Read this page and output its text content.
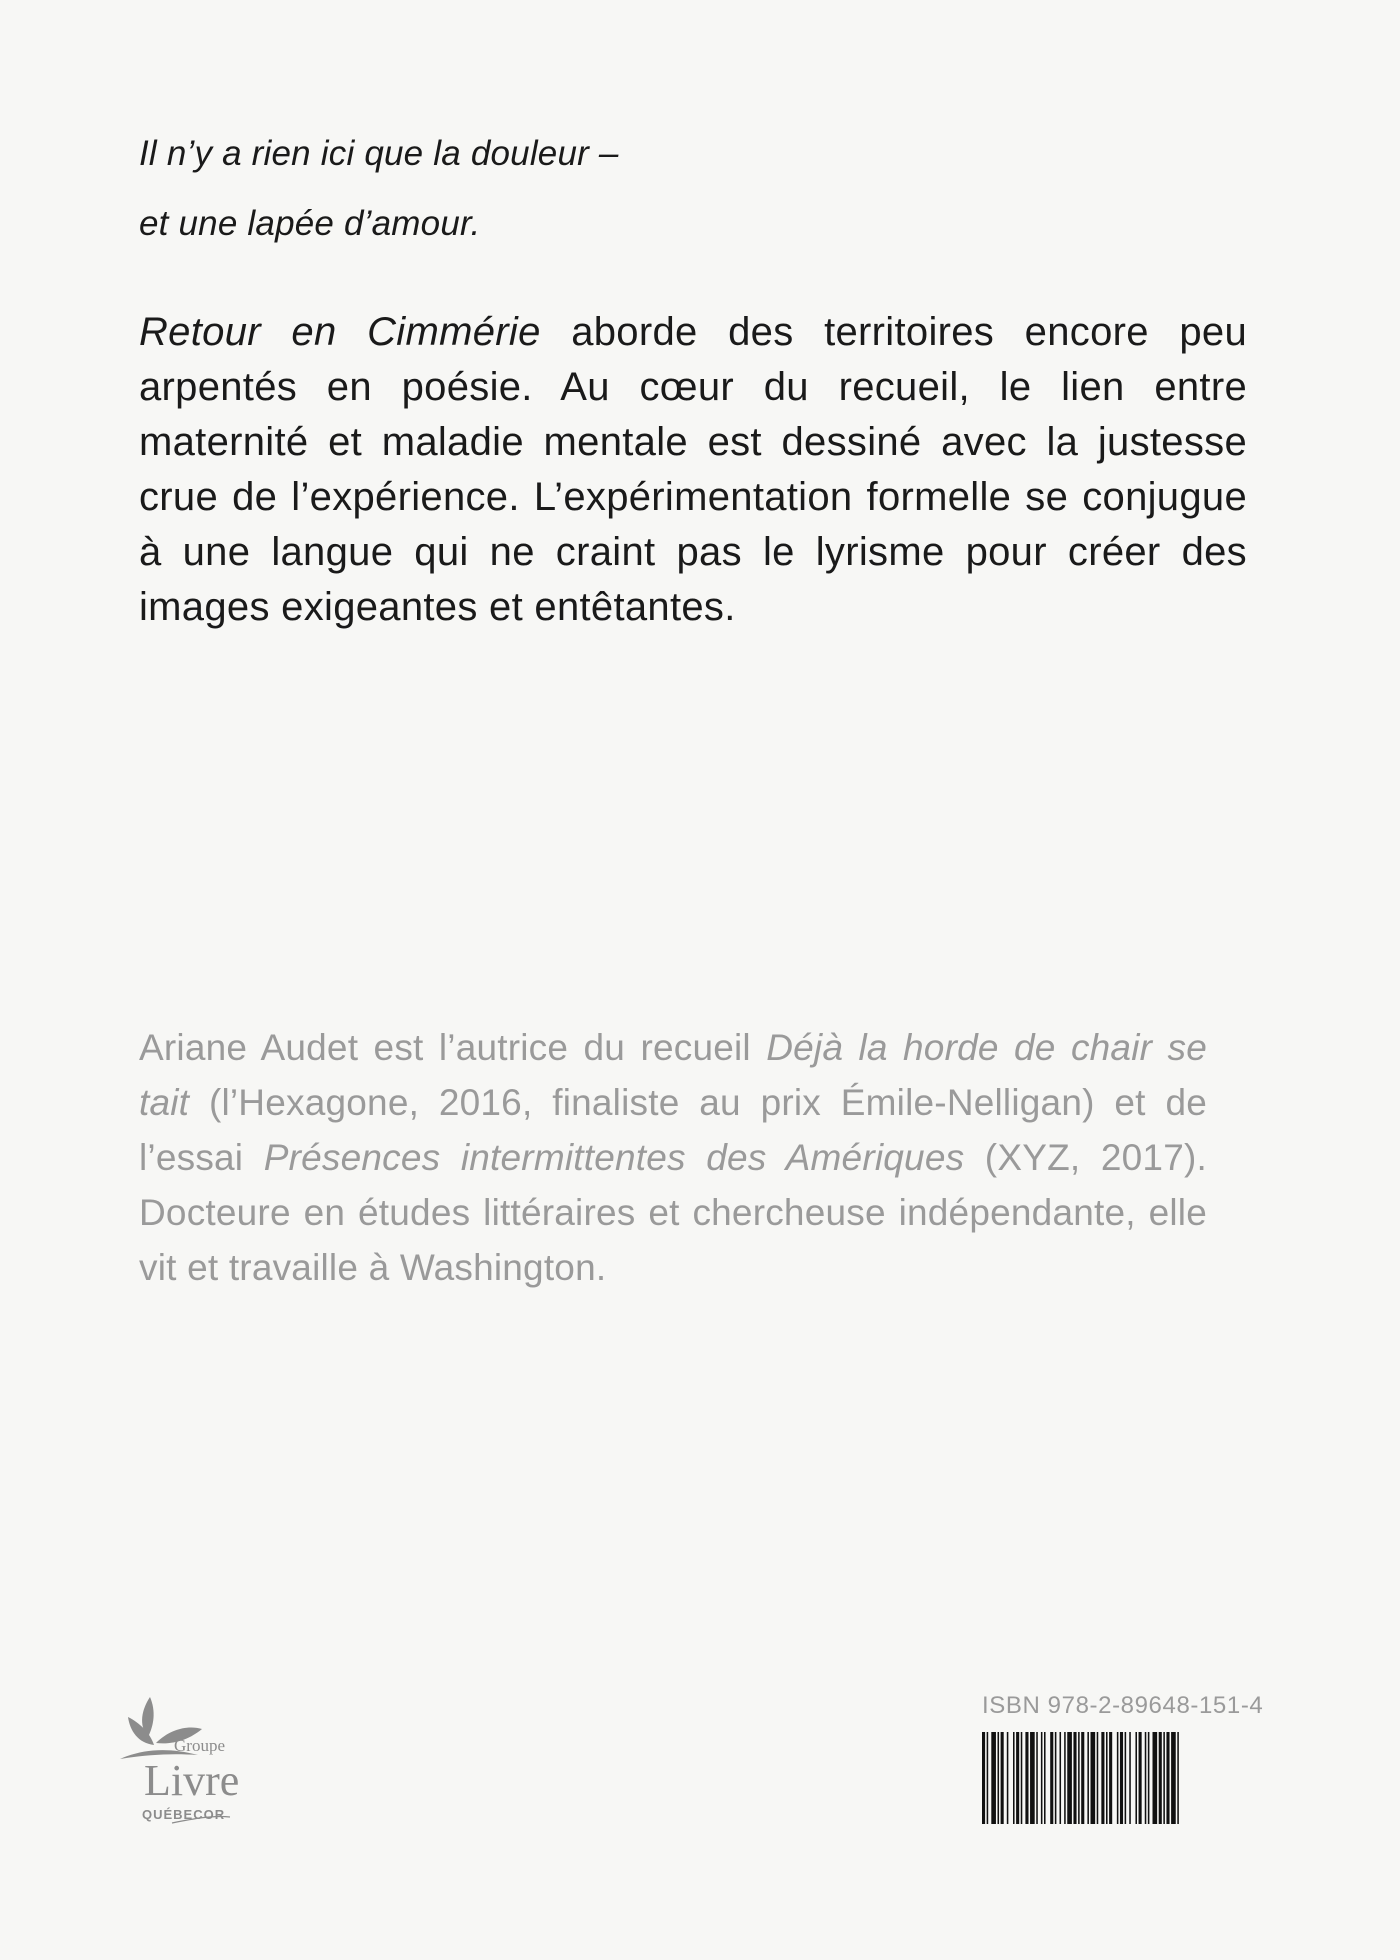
Il n’y a rien ici que la douleur –
et une lapée d’amour.

Retour en Cimmérie aborde des territoires encore peu arpentés en poésie. Au cœur du recueil, le lien entre maternité et maladie mentale est dessiné avec la justesse crue de l’expérience. L’expérimentation formelle se conjugue à une langue qui ne craint pas le lyrisme pour créer des images exigeantes et entêtantes.

Ariane Audet est l’autrice du recueil Déjà la horde de chair se tait (l’Hexagone, 2016, finaliste au prix Émile-Nelligan) et de l’essai Présences intermittentes des Amériques (XYZ, 2017). Docteure en études littéraires et chercheuse indépendante, elle vit et travaille à Washington.

Groupe
Livre
QUÉBECOR
ISBN 978-2-89648-151-4
